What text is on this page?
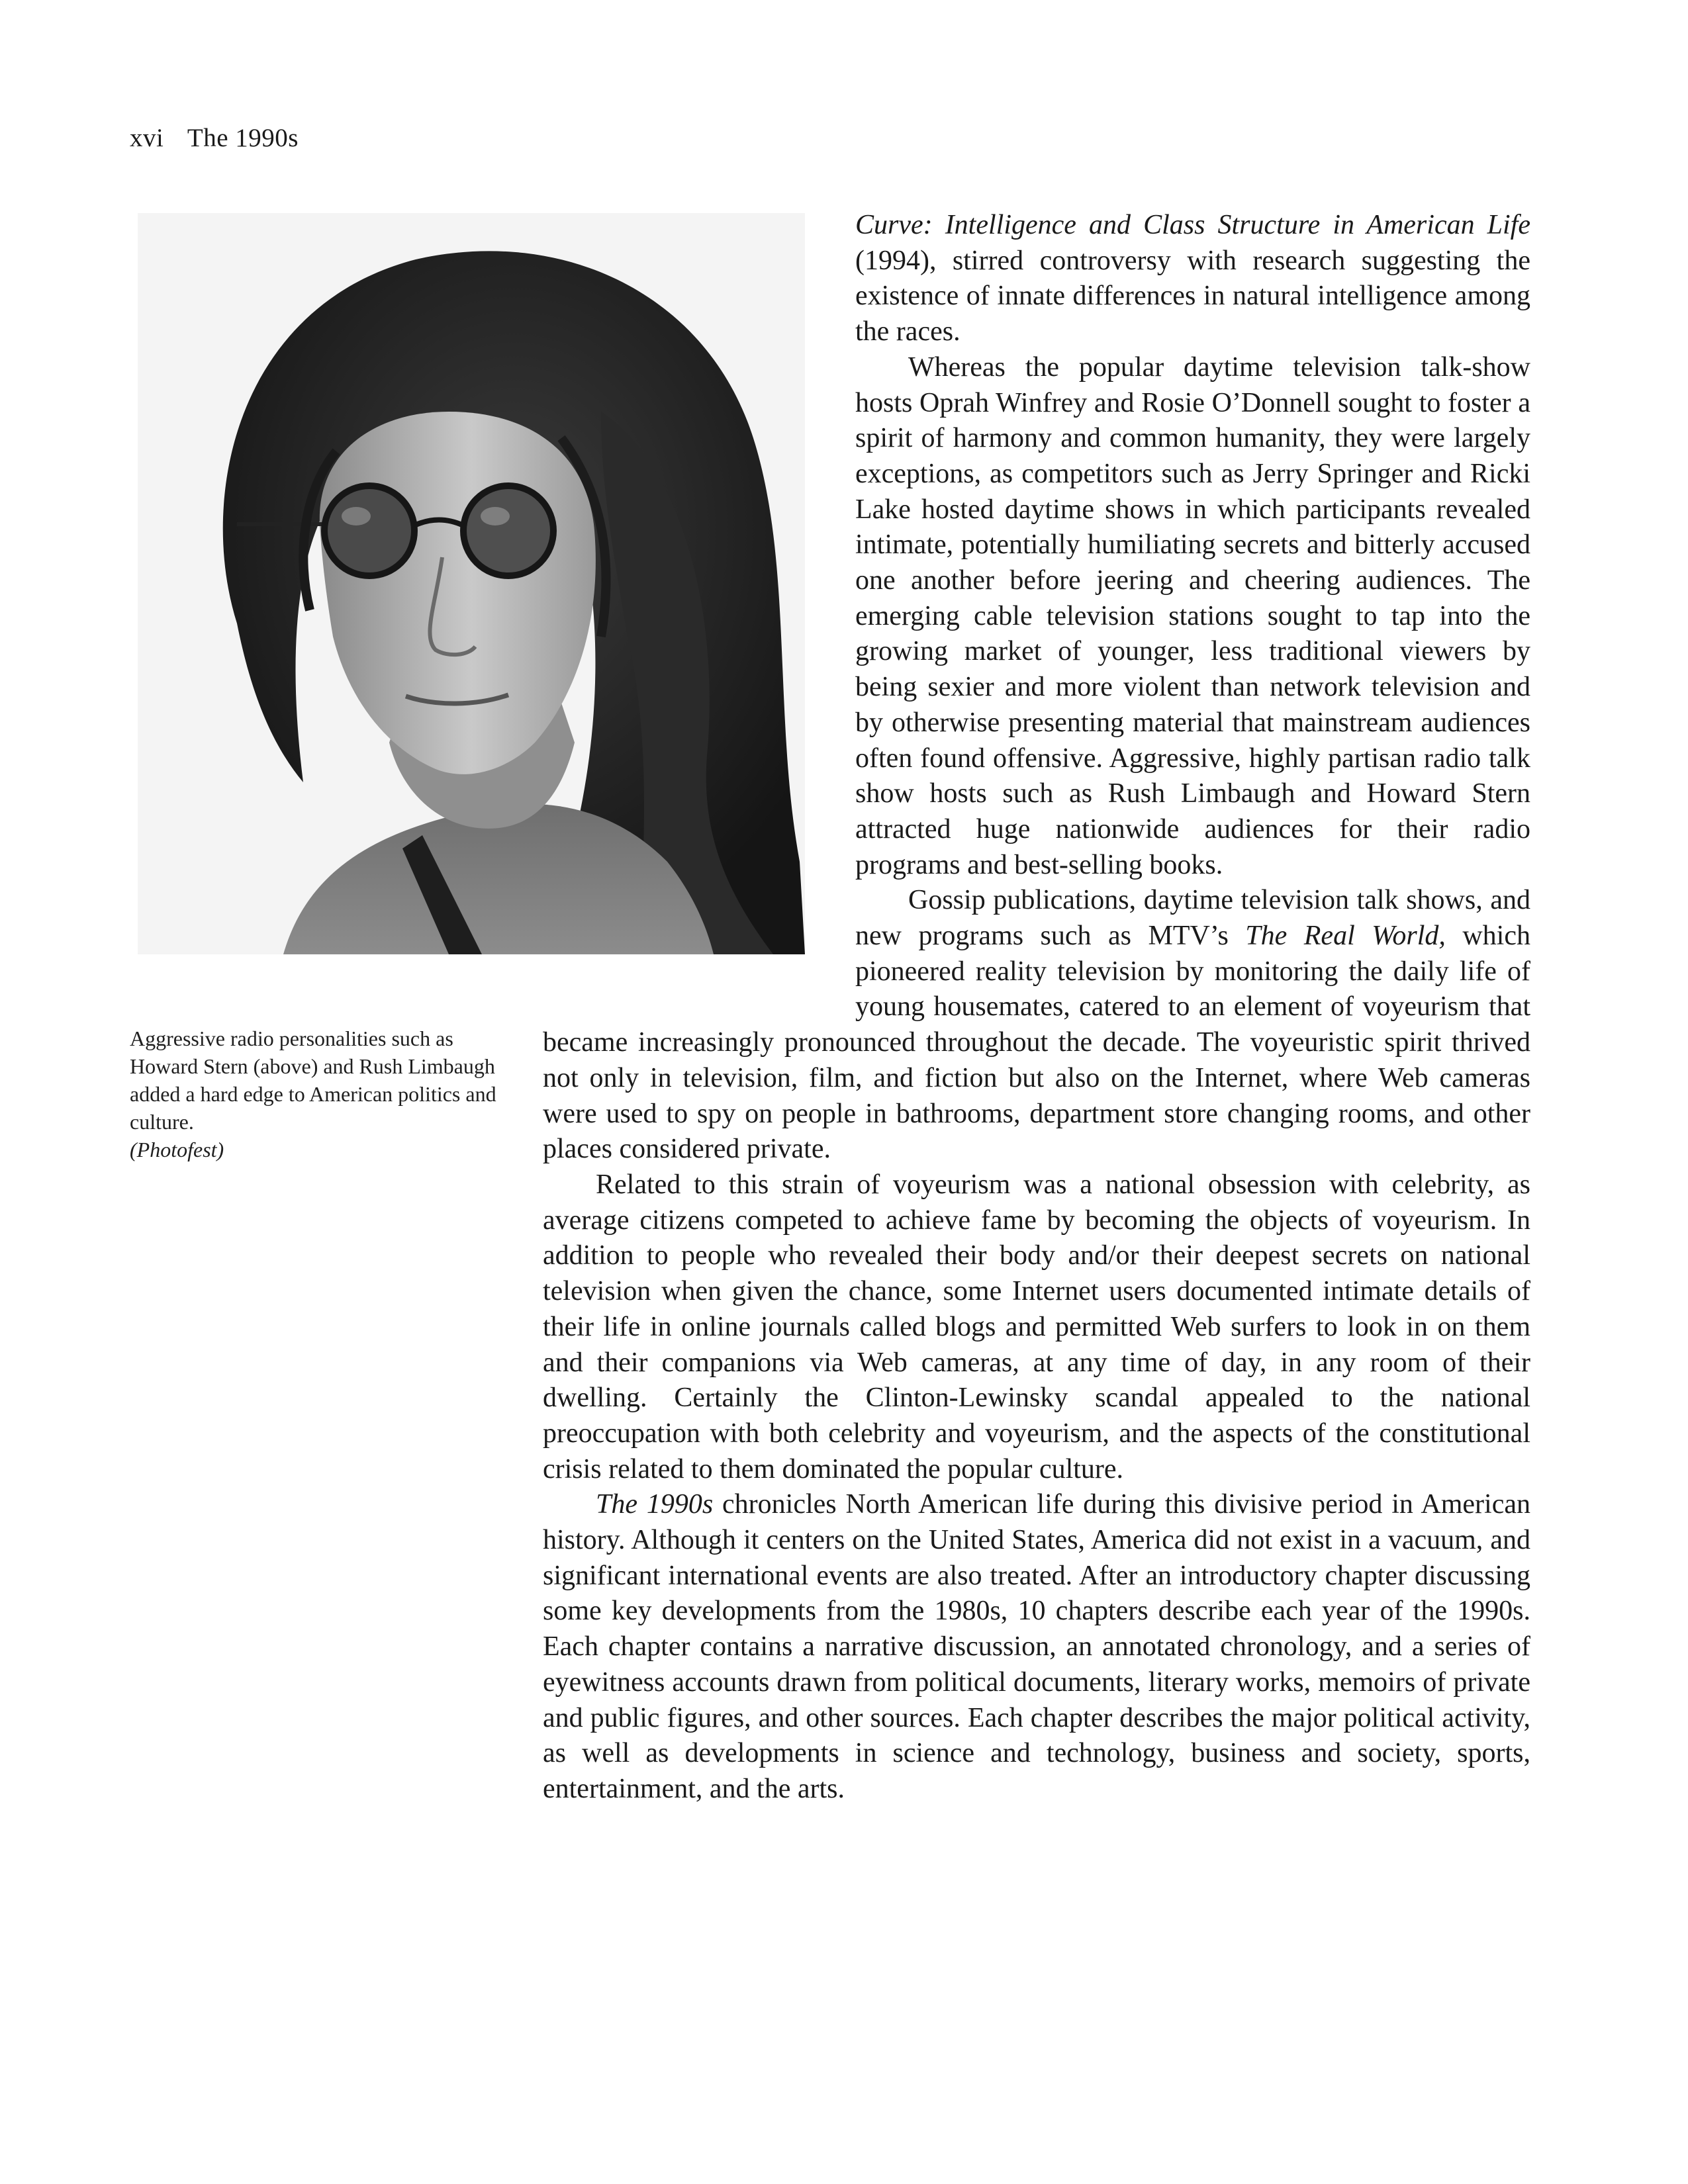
xvi The 1990s

Aggressive radio personalities such as Howard Stern (above) and Rush Limbaugh added a hard edge to American politics and culture.
(Photofest)

Curve: Intelligence and Class Structure in American Life (1994), stirred controversy with research suggesting the existence of innate differences in natural intelligence among the races.

Whereas the popular daytime television talk-show hosts Oprah Winfrey and Rosie O’Donnell sought to foster a spirit of harmony and common humanity, they were largely exceptions, as competitors such as Jerry Springer and Ricki Lake hosted daytime shows in which participants revealed intimate, potentially humiliating secrets and bitterly accused one another before jeering and cheering audiences. The emerging cable television stations sought to tap into the growing market of younger, less traditional viewers by being sexier and more violent than network television and by otherwise presenting material that mainstream audiences often found offensive. Aggressive, highly partisan radio talk show hosts such as Rush Limbaugh and Howard Stern attracted huge nationwide audiences for their radio programs and best-selling books.

Gossip publications, daytime television talk shows, and new programs such as MTV’s The Real World, which pioneered reality television by monitoring the daily life of young housemates, catered to an element of voyeurism that became increasingly pronounced throughout the decade. The voyeuristic spirit thrived not only in television, film, and fiction but also on the Internet, where Web cameras were used to spy on people in bathrooms, department store changing rooms, and other places considered private.

Related to this strain of voyeurism was a national obsession with celebrity, as average citizens competed to achieve fame by becoming the objects of voyeurism. In addition to people who revealed their body and/or their deepest secrets on national television when given the chance, some Internet users documented intimate details of their life in online journals called blogs and permitted Web surfers to look in on them and their companions via Web cameras, at any time of day, in any room of their dwelling. Certainly the Clinton-Lewinsky scandal appealed to the national preoccupation with both celebrity and voyeurism, and the aspects of the constitutional crisis related to them dominated the popular culture.

The 1990s chronicles North American life during this divisive period in American history. Although it centers on the United States, America did not exist in a vacuum, and significant international events are also treated. After an introductory chapter discussing some key developments from the 1980s, 10 chapters describe each year of the 1990s. Each chapter contains a narrative discussion, an annotated chronology, and a series of eyewitness accounts drawn from political documents, literary works, memoirs of private and public figures, and other sources. Each chapter describes the major political activity, as well as developments in science and technology, business and society, sports, entertainment, and the arts.
